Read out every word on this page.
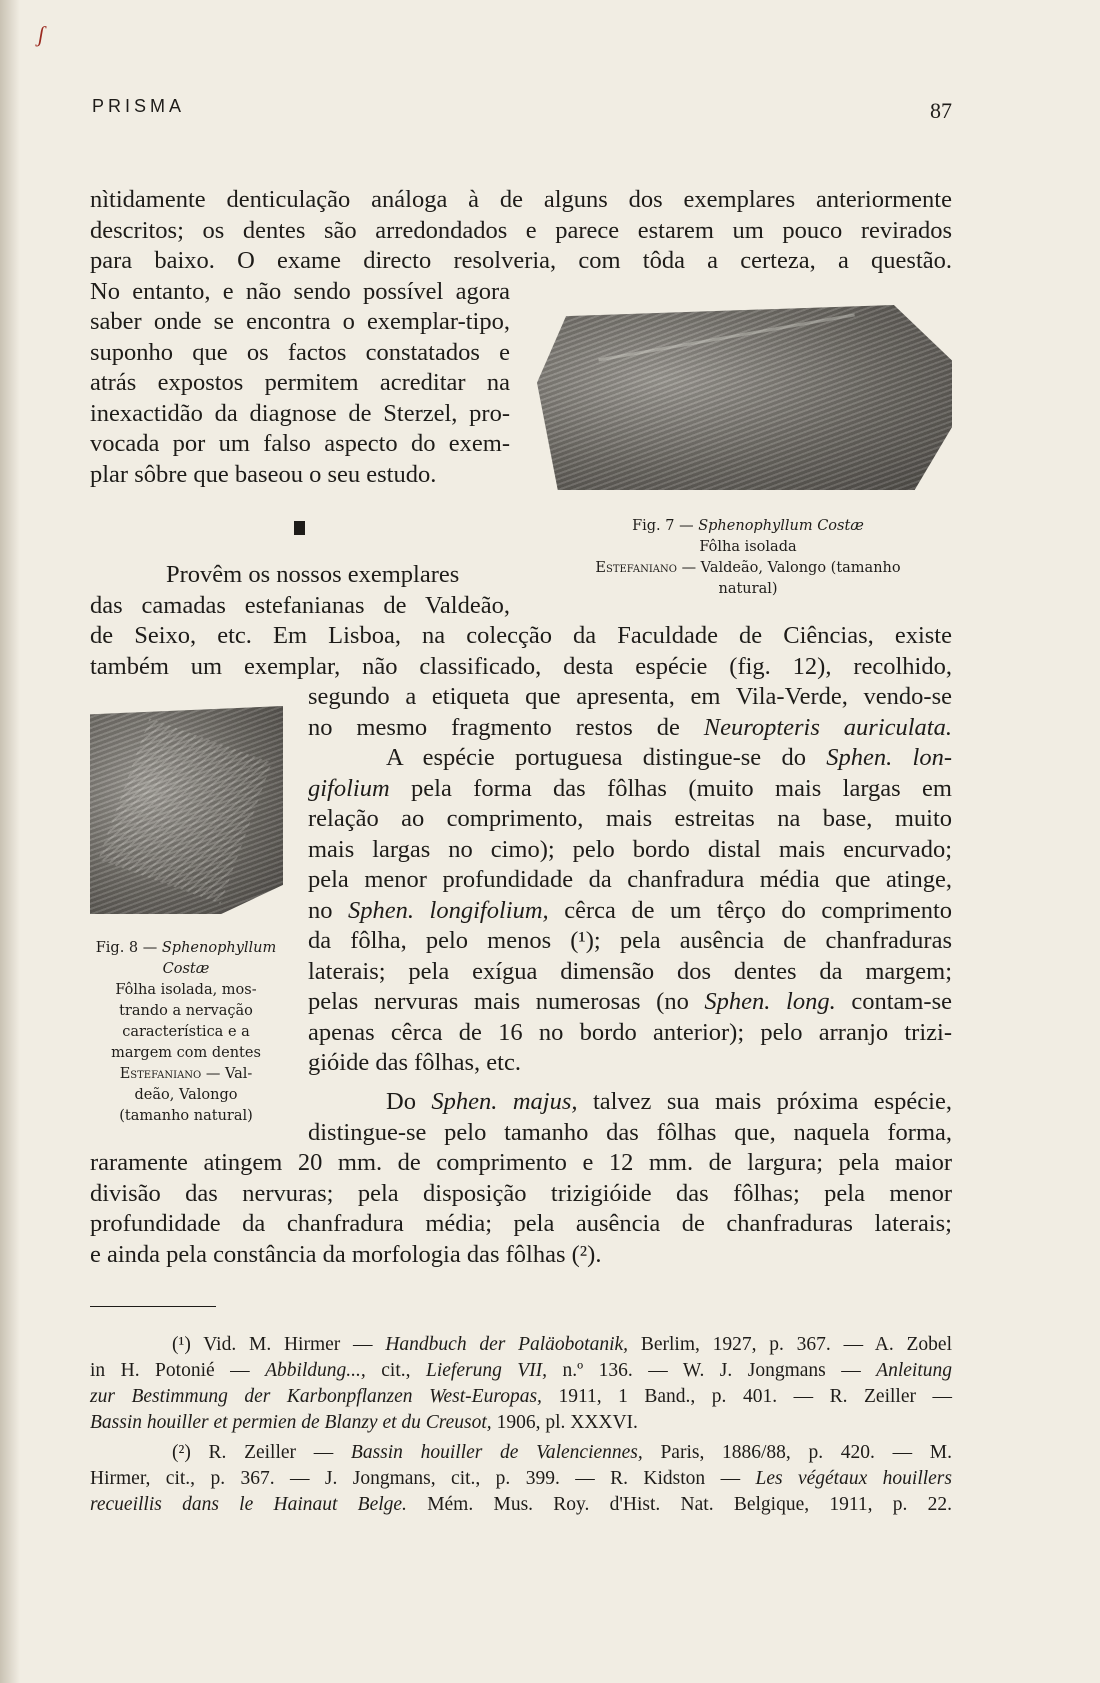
ʃ
PRISMA	87
nìtidamente denticulação análoga à de alguns dos exemplares anteriormente
descritos; os dentes são arredondados e parece estarem um pouco revirados
para baixo. O exame directo resolveria, com tôda a certeza, a questão.
No entanto, e não sendo possível agora
saber onde se encontra o exemplar-tipo,
suponho que os factos constatados e
atrás expostos permitem acreditar na
inexactidão da diagnose de Sterzel, pro-
vocada por um falso aspecto do exem-
plar sôbre que baseou o seu estudo.
Provêm os nossos exemplares
das camadas estefanianas de Valdeão,
de Seixo, etc. Em Lisboa, na colecção da Faculdade de Ciências, existe
também um exemplar, não classificado, desta espécie (fig. 12), recolhido,
segundo a etiqueta que apresenta, em Vila-Verde, vendo-se
no mesmo fragmento restos de Neuropteris auriculata.
A espécie portuguesa distingue-se do Sphen. lon-
gifolium pela forma das fôlhas (muito mais largas em
relação ao comprimento, mais estreitas na base, muito
mais largas no cimo); pelo bordo distal mais encurvado;
pela menor profundidade da chanfradura média que atinge,
no Sphen. longifolium, cêrca de um têrço do comprimento
da fôlha, pelo menos (¹); pela ausência de chanfraduras
laterais; pela exígua dimensão dos dentes da margem;
pelas nervuras mais numerosas (no Sphen. long. contam-se
apenas cêrca de 16 no bordo anterior); pelo arranjo trizi-
gióide das fôlhas, etc.
Do Sphen. majus, talvez sua mais próxima espécie,
distingue-se pelo tamanho das fôlhas que, naquela forma,
raramente atingem 20 mm. de comprimento e 12 mm. de largura; pela maior
divisão das nervuras; pela disposição trizigióide das fôlhas; pela menor
profundidade da chanfradura média; pela ausência de chanfraduras laterais;
e ainda pela constância da morfologia das fôlhas (²).
Fig. 7 — Sphenophyllum Costæ
Fôlha isolada
Estefaniano — Valdeão, Valongo (tamanho
natural)
Fig. 8 — Sphenophyllum
Costæ
Fôlha isolada, mos-
trando a nervação
característica e a
margem com dentes
Estefaniano — Val-
deão, Valongo
(tamanho natural)
(¹) Vid. M. Hirmer — Handbuch der Paläobotanik, Berlim, 1927, p. 367. — A. Zobel
in H. Potonié — Abbildung..., cit., Lieferung VII, n.º 136. — W. J. Jongmans — Anleitung
zur Bestimmung der Karbonpflanzen West-Europas, 1911, 1 Band., p. 401. — R. Zeiller —
Bassin houiller et permien de Blanzy et du Creusot, 1906, pl. XXXVI.
(²) R. Zeiller — Bassin houiller de Valenciennes, Paris, 1886/88, p. 420. — M.
Hirmer, cit., p. 367. — J. Jongmans, cit., p. 399. — R. Kidston — Les végétaux houillers
recueillis dans le Hainaut Belge. Mém. Mus. Roy. d'Hist. Nat. Belgique, 1911, p. 22.
